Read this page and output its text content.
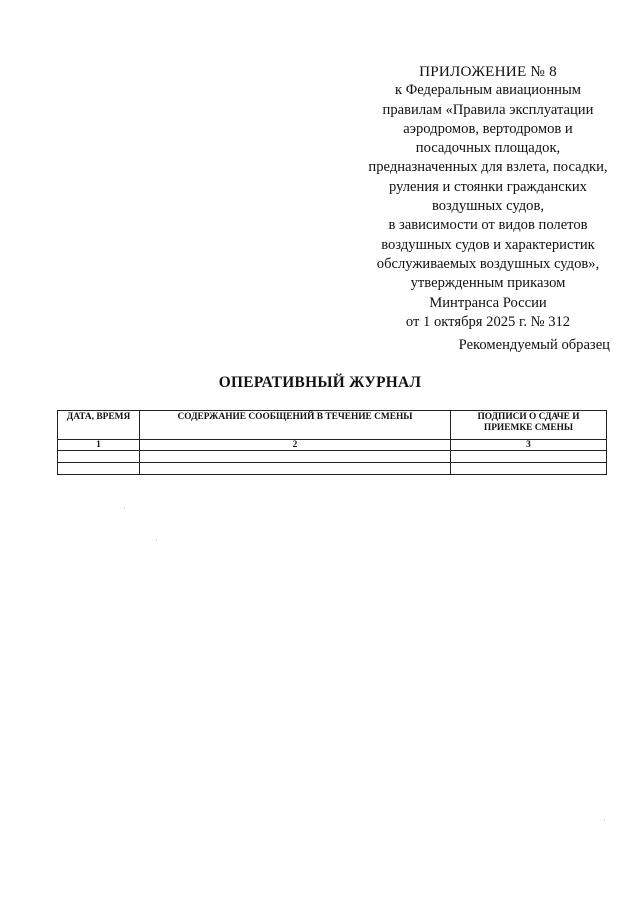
ПРИЛОЖЕНИЕ № 8
к Федеральным авиационным
правилам «Правила эксплуатации
аэродромов, вертодромов и
посадочных площадок,
предназначенных для взлета, посадки,
руления и стоянки гражданских
воздушных судов,
в зависимости от видов полетов
воздушных судов и характеристик
обслуживаемых воздушных судов»,
утвержденным приказом
Минтранса России
от 1 октября 2025 г. № 312
Рекомендуемый образец
ОПЕРАТИВНЫЙ ЖУРНАЛ
ДАТА, ВРЕМЯ	СОДЕРЖАНИЕ СООБЩЕНИЙ В ТЕЧЕНИЕ СМЕНЫ	ПОДПИСИ О СДАЧЕ И ПРИЕМКЕ СМЕНЫ
1	2	3
